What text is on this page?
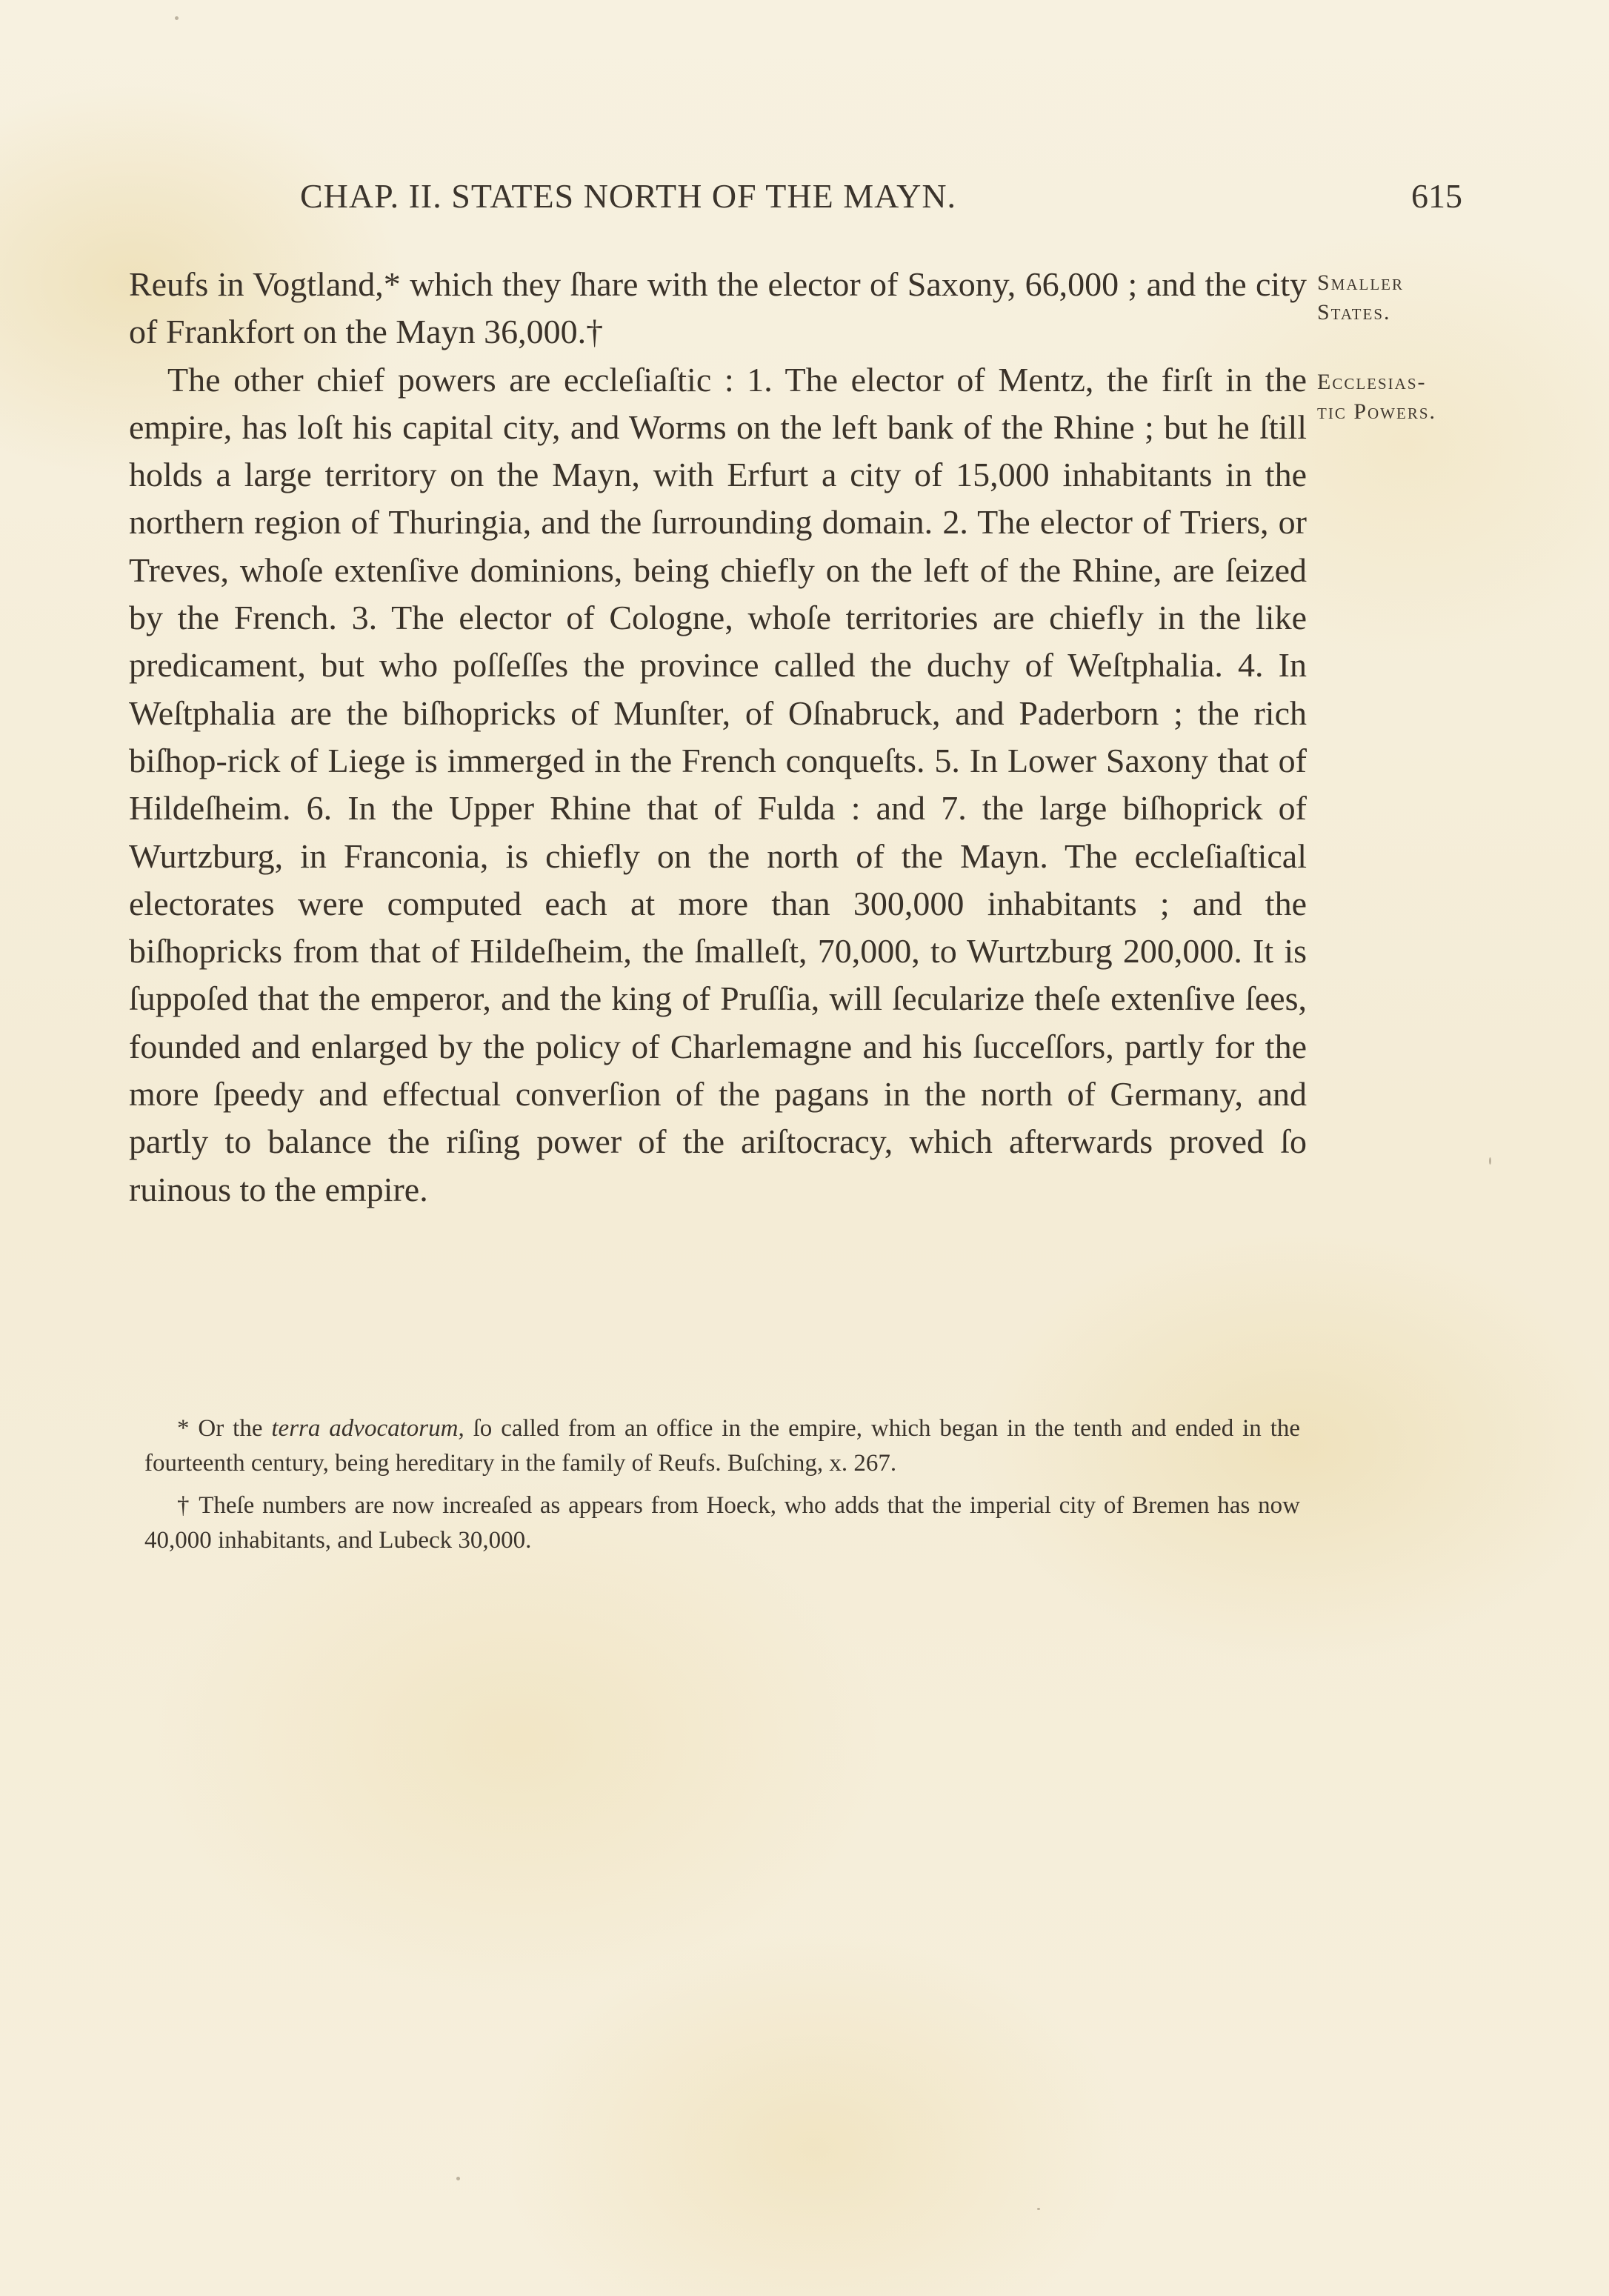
CHAP. II. STATES NORTH OF THE MAYN.	615
Smaller
States.
Ecclesias-
tic Powers.

Reufs in Vogtland,* which they ſhare with the elector of Saxony, 66,000 ; and the city of Frankfort on the Mayn 36,000.†

The other chief powers are eccleſiaſtic : 1. The elector of Mentz, the firſt in the empire, has loſt his capital city, and Worms on the left bank of the Rhine ; but he ſtill holds a large territory on the Mayn, with Erfurt a city of 15,000 inhabitants in the northern region of Thuringia, and the ſurrounding domain. 2. The elector of Triers, or Treves, whoſe extenſive dominions, being chiefly on the left of the Rhine, are ſeized by the French. 3. The elector of Cologne, whoſe territories are chiefly in the like predicament, but who poſſeſſes the province called the duchy of Weſtphalia. 4. In Weſtphalia are the biſhopricks of Munſter, of Oſnabruck, and Paderborn ; the rich biſhop-rick of Liege is immerged in the French conqueſts. 5. In Lower Saxony that of Hildeſheim. 6. In the Upper Rhine that of Fulda : and 7. the large biſhoprick of Wurtzburg, in Franconia, is chiefly on the north of the Mayn. The eccleſiaſtical electorates were computed each at more than 300,000 inhabitants ; and the biſhopricks from that of Hildeſheim, the ſmalleſt, 70,000, to Wurtzburg 200,000. It is ſuppoſed that the emperor, and the king of Pruſſia, will ſecularize theſe extenſive ſees, founded and enlarged by the policy of Charlemagne and his ſucceſſors, partly for the more ſpeedy and effectual converſion of the pagans in the north of Germany, and partly to balance the riſing power of the ariſtocracy, which afterwards proved ſo ruinous to the empire.

* Or the terra advocatorum, ſo called from an office in the empire, which began in the tenth and ended in the fourteenth century, being hereditary in the family of Reufs. Buſching, x. 267.

† Theſe numbers are now increaſed as appears from Hoeck, who adds that the imperial city of Bremen has now 40,000 inhabitants, and Lubeck 30,000.
